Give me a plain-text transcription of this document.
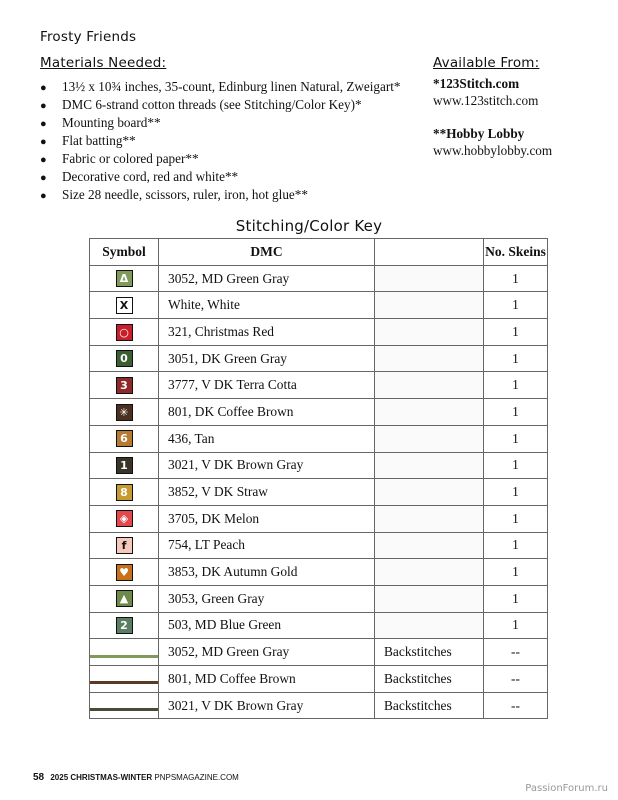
Frosty Friends
Materials Needed:
● 13½ x 10¾ inches, 35-count, Edinburg linen Natural, Zweigart*
● DMC 6-strand cotton threads (see Stitching/Color Key)*
● Mounting board**
● Flat batting**
● Fabric or colored paper**
● Decorative cord, red and white**
● Size 28 needle, scissors, ruler, iron, hot glue**
Available From:
*123Stitch.com
www.123stitch.com
**Hobby Lobby
www.hobbylobby.com
Stitching/Color Key
Symbol	DMC		No. Skeins
Δ	3052, MD Green Gray		1
X	White, White		1
○	321, Christmas Red		1
0	3051, DK Green Gray		1
3	3777, V DK Terra Cotta		1
✳	801, DK Coffee Brown		1
6	436, Tan		1
1	3021, V DK Brown Gray		1
8	3852, V DK Straw		1
◈	3705, DK Melon		1
f	754, LT Peach		1
♥	3853, DK Autumn Gold		1
▲	3053, Green Gray		1
2	503, MD Blue Green		1

	3052, MD Green Gray	Backstitches	--

	801, MD Coffee Brown	Backstitches	--

	3021, V DK Brown Gray	Backstitches	--
58 2025 CHRISTMAS-WINTER PNPSMAGAZINE.COM
PassionForum.ru
